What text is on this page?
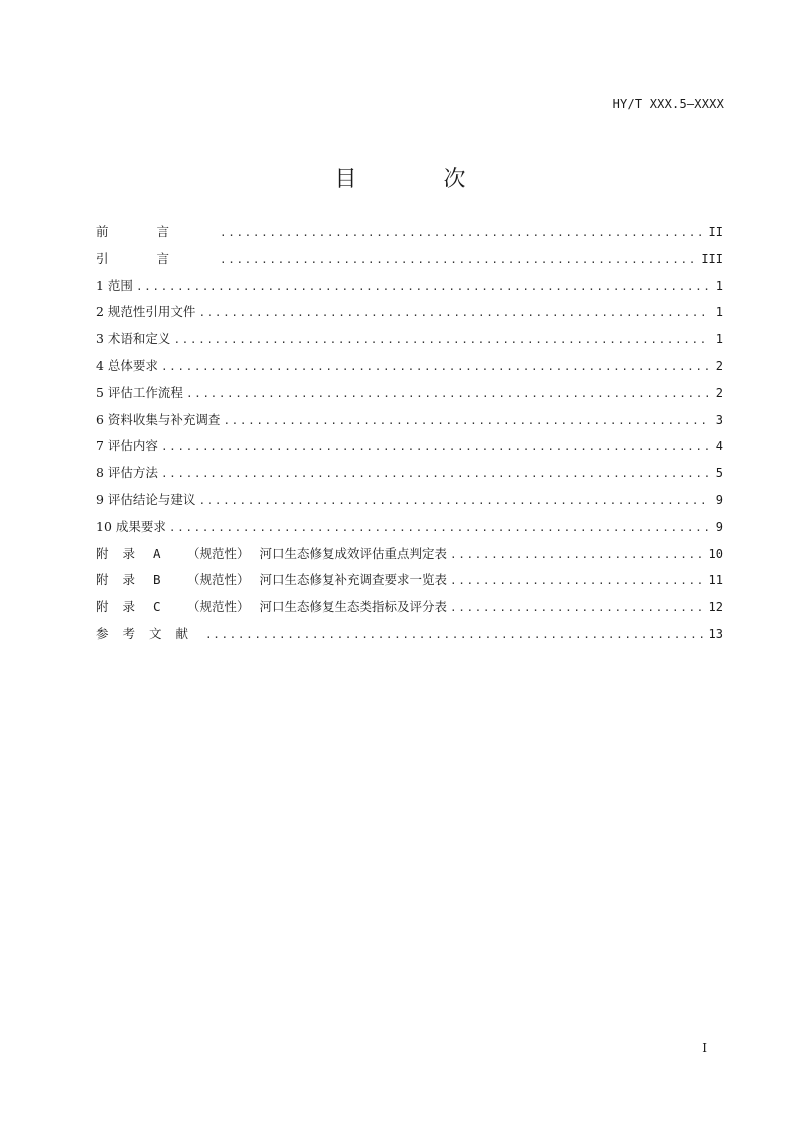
HY/T XXX.5—XXXX
目 次
前言 .....	II
引言 .....	III
1 范围 .....	1
2 规范性引用文件 .....	1
3 术语和定义 .....	1
4 总体要求 .....	2
5 评估工作流程 .....	2
6 资料收集与补充调查 .....	3
7 评估内容 .....	4
8 评估方法 .....	5
9 评估结论与建议 .....	9
10 成果要求 .....	9
附录 A （规范性） 河口生态修复成效评估重点判定表 .....	10
附录 B （规范性） 河口生态修复补充调查要求一览表 .....	11
附录 C （规范性） 河口生态修复生态类指标及评分表 .....	12
参考文献 .....	13
I
